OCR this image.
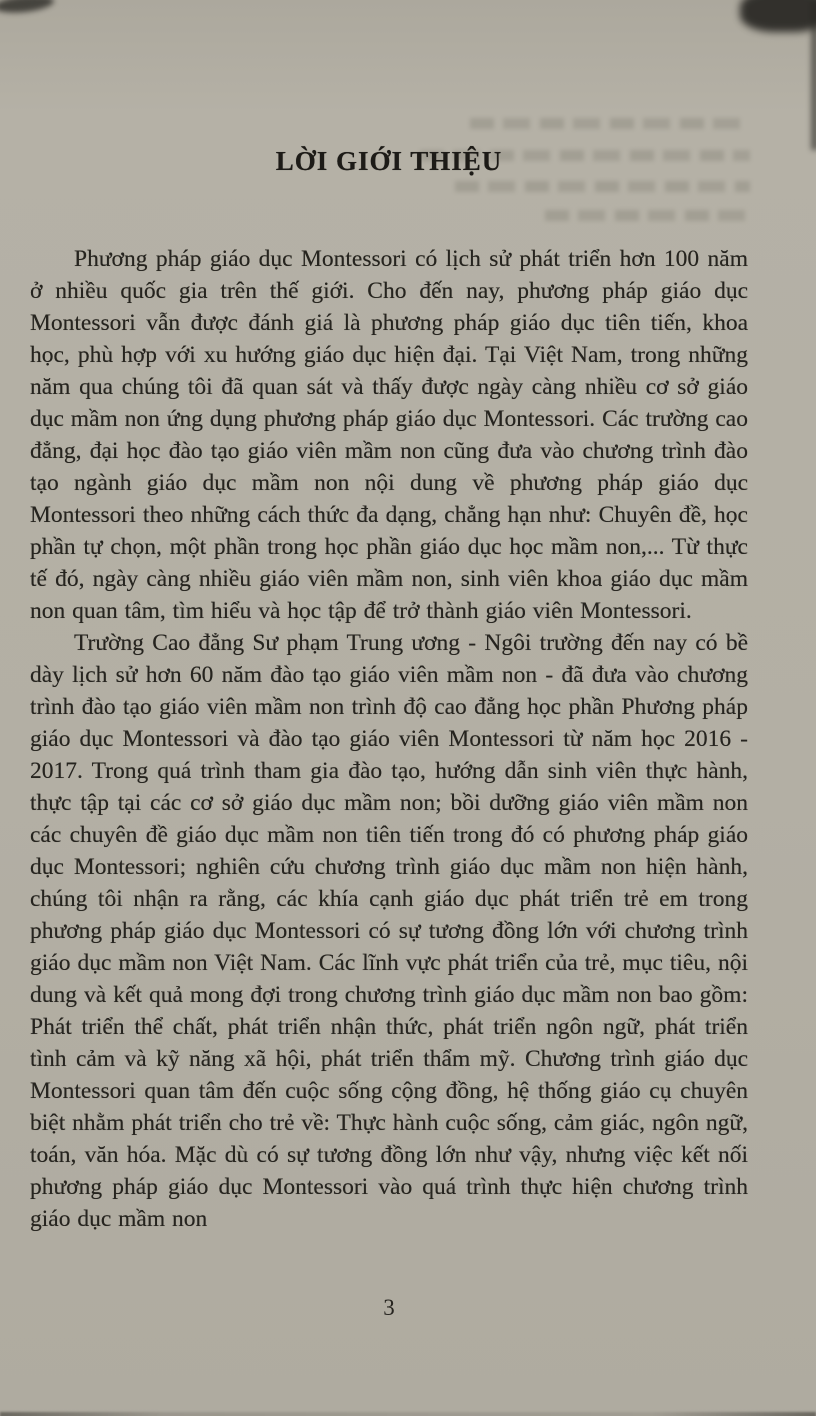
LỜI GIỚI THIỆU

Phương pháp giáo dục Montessori có lịch sử phát triển hơn 100 năm ở nhiều quốc gia trên thế giới. Cho đến nay, phương pháp giáo dục Montessori vẫn được đánh giá là phương pháp giáo dục tiên tiến, khoa học, phù hợp với xu hướng giáo dục hiện đại. Tại Việt Nam, trong những năm qua chúng tôi đã quan sát và thấy được ngày càng nhiều cơ sở giáo dục mầm non ứng dụng phương pháp giáo dục Montessori. Các trường cao đẳng, đại học đào tạo giáo viên mầm non cũng đưa vào chương trình đào tạo ngành giáo dục mầm non nội dung về phương pháp giáo dục Montessori theo những cách thức đa dạng, chẳng hạn như: Chuyên đề, học phần tự chọn, một phần trong học phần giáo dục học mầm non,... Từ thực tế đó, ngày càng nhiều giáo viên mầm non, sinh viên khoa giáo dục mầm non quan tâm, tìm hiểu và học tập để trở thành giáo viên Montessori.

Trường Cao đẳng Sư phạm Trung ương - Ngôi trường đến nay có bề dày lịch sử hơn 60 năm đào tạo giáo viên mầm non - đã đưa vào chương trình đào tạo giáo viên mầm non trình độ cao đẳng học phần Phương pháp giáo dục Montessori và đào tạo giáo viên Montessori từ năm học 2016 - 2017. Trong quá trình tham gia đào tạo, hướng dẫn sinh viên thực hành, thực tập tại các cơ sở giáo dục mầm non; bồi dưỡng giáo viên mầm non các chuyên đề giáo dục mầm non tiên tiến trong đó có phương pháp giáo dục Montessori; nghiên cứu chương trình giáo dục mầm non hiện hành, chúng tôi nhận ra rằng, các khía cạnh giáo dục phát triển trẻ em trong phương pháp giáo dục Montessori có sự tương đồng lớn với chương trình giáo dục mầm non Việt Nam. Các lĩnh vực phát triển của trẻ, mục tiêu, nội dung và kết quả mong đợi trong chương trình giáo dục mầm non bao gồm: Phát triển thể chất, phát triển nhận thức, phát triển ngôn ngữ, phát triển tình cảm và kỹ năng xã hội, phát triển thẩm mỹ. Chương trình giáo dục Montessori quan tâm đến cuộc sống cộng đồng, hệ thống giáo cụ chuyên biệt nhằm phát triển cho trẻ về: Thực hành cuộc sống, cảm giác, ngôn ngữ, toán, văn hóa. Mặc dù có sự tương đồng lớn như vậy, nhưng việc kết nối phương pháp giáo dục Montessori vào quá trình thực hiện chương trình giáo dục mầm non

3
